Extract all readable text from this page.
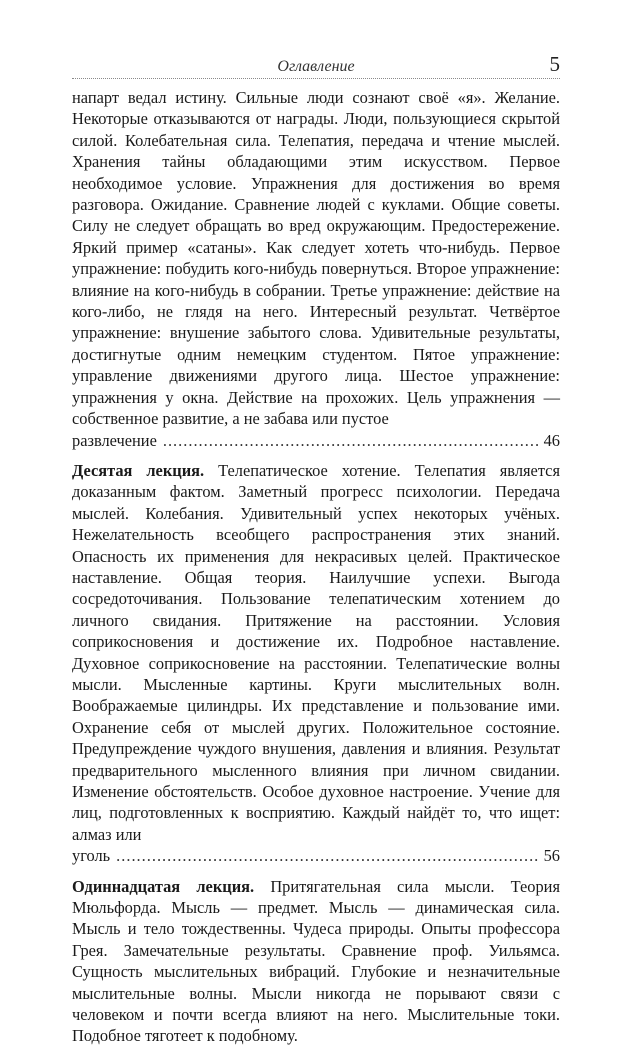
Оглавление	5
напарт ведал истину. Сильные люди сознают своё «я». Желание. Некоторые отказываются от награды. Люди, пользующиеся скрытой силой. Колебательная сила. Телепатия, передача и чтение мыслей. Хранения тайны обладающими этим искусством. Первое необходимое условие. Упражнения для достижения во время разговора. Ожидание. Сравнение людей с куклами. Общие советы. Силу не следует обращать во вред окружающим. Предостережение. Яркий пример «сатаны». Как следует хотеть что-нибудь. Первое упражнение: побудить кого-нибудь повернуться. Второе упражнение: влияние на кого-нибудь в собрании. Третье упражнение: действие на кого-либо, не глядя на него. Интересный результат. Четвёртое упражнение: внушение забытого слова. Удивительные результаты, достигнутые одним немецким студентом. Пятое упражнение: управление движениями другого лица. Шестое упражнение: упражнения у окна. Действие на прохожих. Цель упражнения — собственное развитие, а не забава или пустое
развлечение .....	46
Десятая лекция. Телепатическое хотение. Телепатия является доказанным фактом. Заметный прогресс психологии. Передача мыслей. Колебания. Удивительный успех некоторых учёных. Нежелательность всеобщего распространения этих знаний. Опасность их применения для некрасивых целей. Практическое наставление. Общая теория. Наилучшие успехи. Выгода сосредоточивания. Пользование телепатическим хотением до личного свидания. Притяжение на расстоянии. Условия соприкосновения и достижение их. Подробное наставление. Духовное соприкосновение на расстоянии. Телепатические волны мысли. Мысленные картины. Круги мыслительных волн. Воображаемые цилиндры. Их представление и пользование ими. Охранение себя от мыслей других. Положительное состояние. Предупреждение чуждого внушения, давления и влияния. Результат предварительного мысленного влияния при личном свидании. Изменение обстоятельств. Особое духовное настроение. Учение для лиц, подготовленных к восприятию. Каждый найдёт то, что ищет: алмаз или
уголь .....	56
Одиннадцатая лекция. Притягательная сила мысли. Теория Мюльфорда. Мысль — предмет. Мысль — динамическая сила. Мысль и тело тождественны. Чудеса природы. Опыты профессора Грея. Замечательные результаты. Сравнение проф. Уильямса. Сущность мыслительных вибраций. Глубокие и незначительные мыслительные волны. Мысли никогда не порывают связи с человеком и почти всегда влияют на него. Мыслительные токи. Подобное тяготеет к подобному.
